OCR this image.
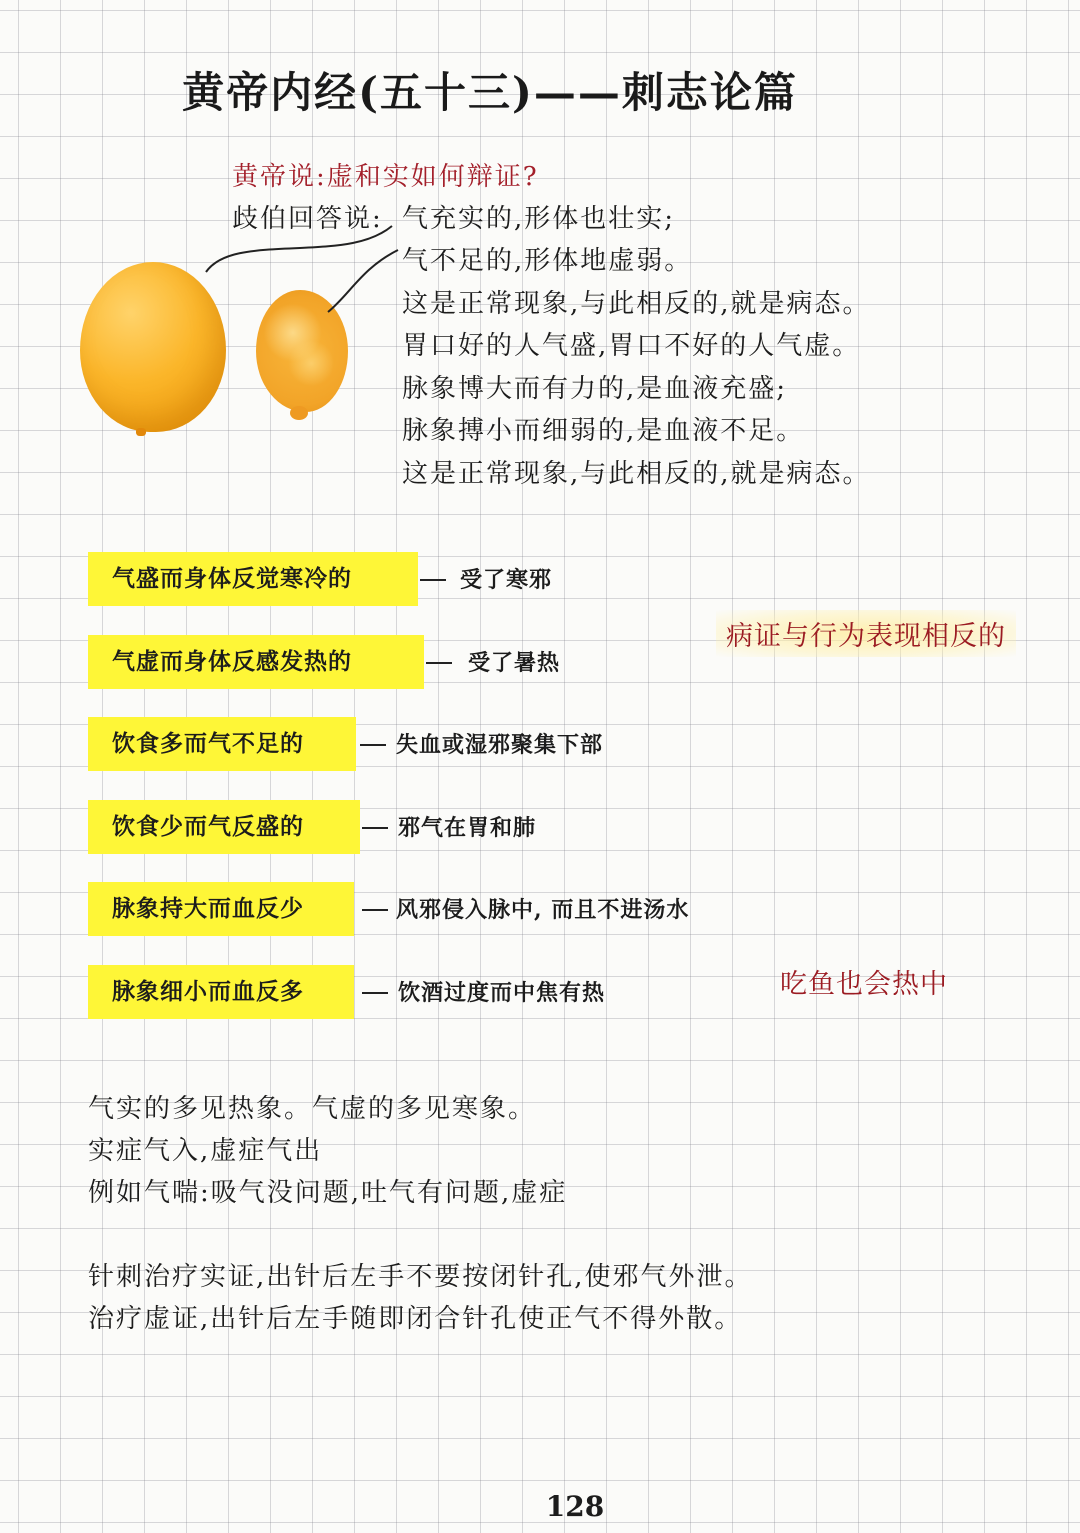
黄帝内经(五十三)——刺志论篇
黄帝说:虚和实如何辩证?
歧伯回答说: 气充实的,形体也壮实;
气不足的,形体地虚弱。
这是正常现象,与此相反的,就是病态。
胃口好的人气盛,胃口不好的人气虚。
脉象博大而有力的,是血液充盛;
脉象搏小而细弱的,是血液不足。
这是正常现象,与此相反的,就是病态。
气盛而身体反觉寒冷的	受了寒邪
气虚而身体反感发热的	受了暑热
饮食多而气不足的	失血或湿邪聚集下部
饮食少而气反盛的	邪气在胃和肺
脉象持大而血反少	风邪侵入脉中, 而且不进汤水
脉象细小而血反多	饮酒过度而中焦有热
病证与行为表现相反的
吃鱼也会热中
气实的多见热象。气虚的多见寒象。
实症气入,虚症气出
例如气喘:吸气没问题,吐气有问题,虚症
针刺治疗实证,出针后左手不要按闭针孔,使邪气外泄。
治疗虚证,出针后左手随即闭合针孔使正气不得外散。
128
